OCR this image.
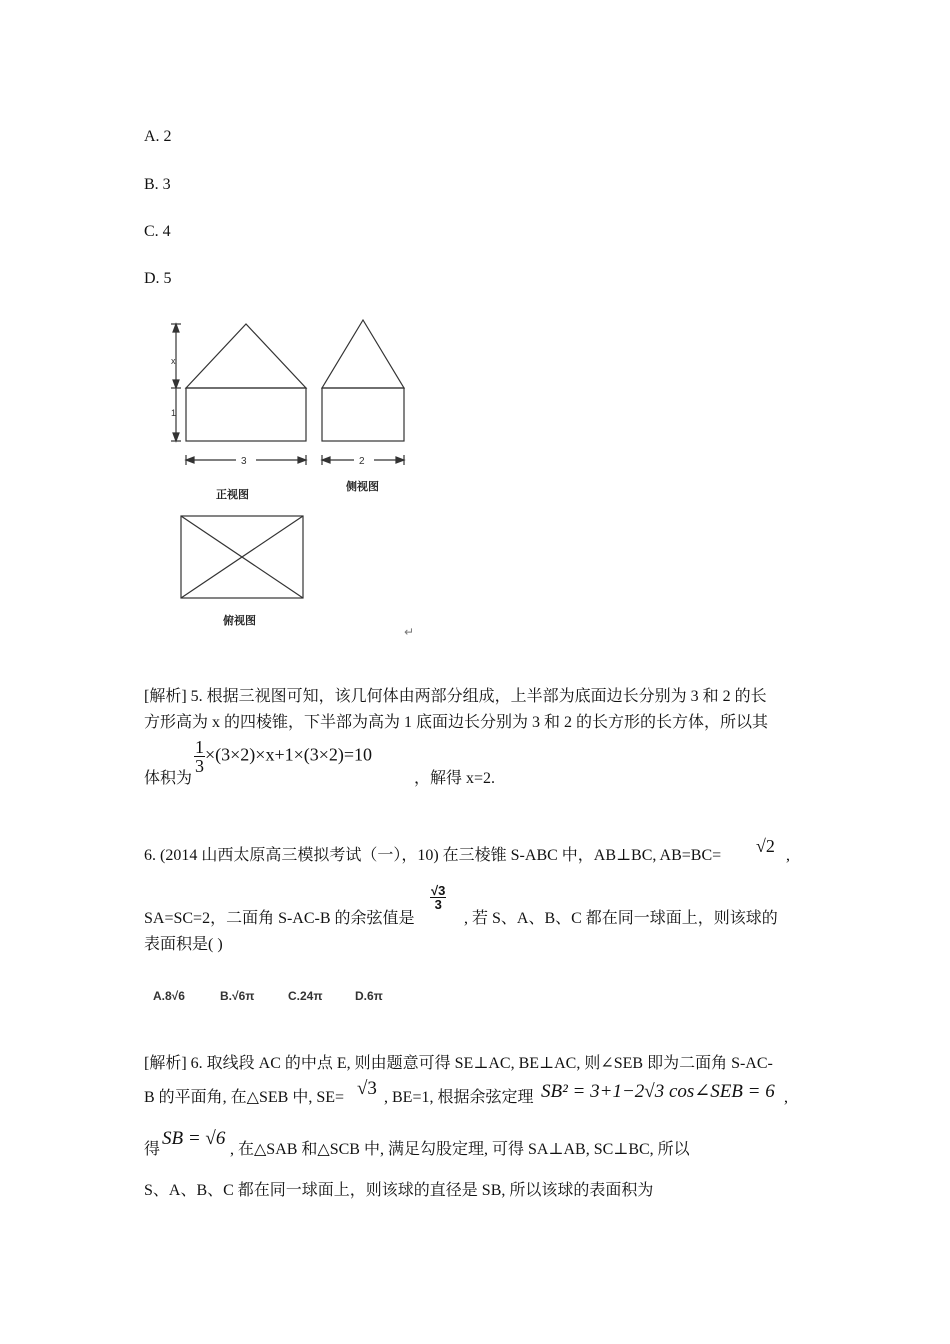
A. 2
B. 3
C. 4
D. 5
x
1
3	2
正视图
侧视图
俯视图
↵
[解析] 5. 根据三视图可知，该几何体由两部分组成，上半部为底面边长分别为 3 和 2 的长
方形高为 x 的四棱锥，下半部为高为 1 底面边长分别为 3 和 2 的长方形的长方体，所以其
体积为
$\frac{1}{3} \times(3\times 2)\times x+1\times(3\times 2)=10$
，解得 x=2.
6. (2014 山西太原高三模拟考试（一），10) 在三棱锥 S-ABC 中，AB⊥BC, AB=BC= √2 ,
SA=SC=2，二面角 S-AC-B 的余弦值是
$\frac{√3}{3}$
, 若 S、A、B、C 都在同一球面上，则该球的
表面积是( )
A.8√6	B.√6π	C.24π	D.6π
[解析] 6. 取线段 AC 的中点 E, 则由题意可得 SE⊥AC, BE⊥AC, 则∠SEB 即为二面角 S-AC-
B 的平面角, 在△SEB 中, SE= √3 , BE=1, 根据余弦定理 SB² = 3+1−2√3 cos∠SEB = 6 ,
得
SB = √6
, 在△SAB 和△SCB 中, 满足勾股定理, 可得 SA⊥AB, SC⊥BC, 所以
S、A、B、C 都在同一球面上，则该球的直径是 SB, 所以该球的表面积为
